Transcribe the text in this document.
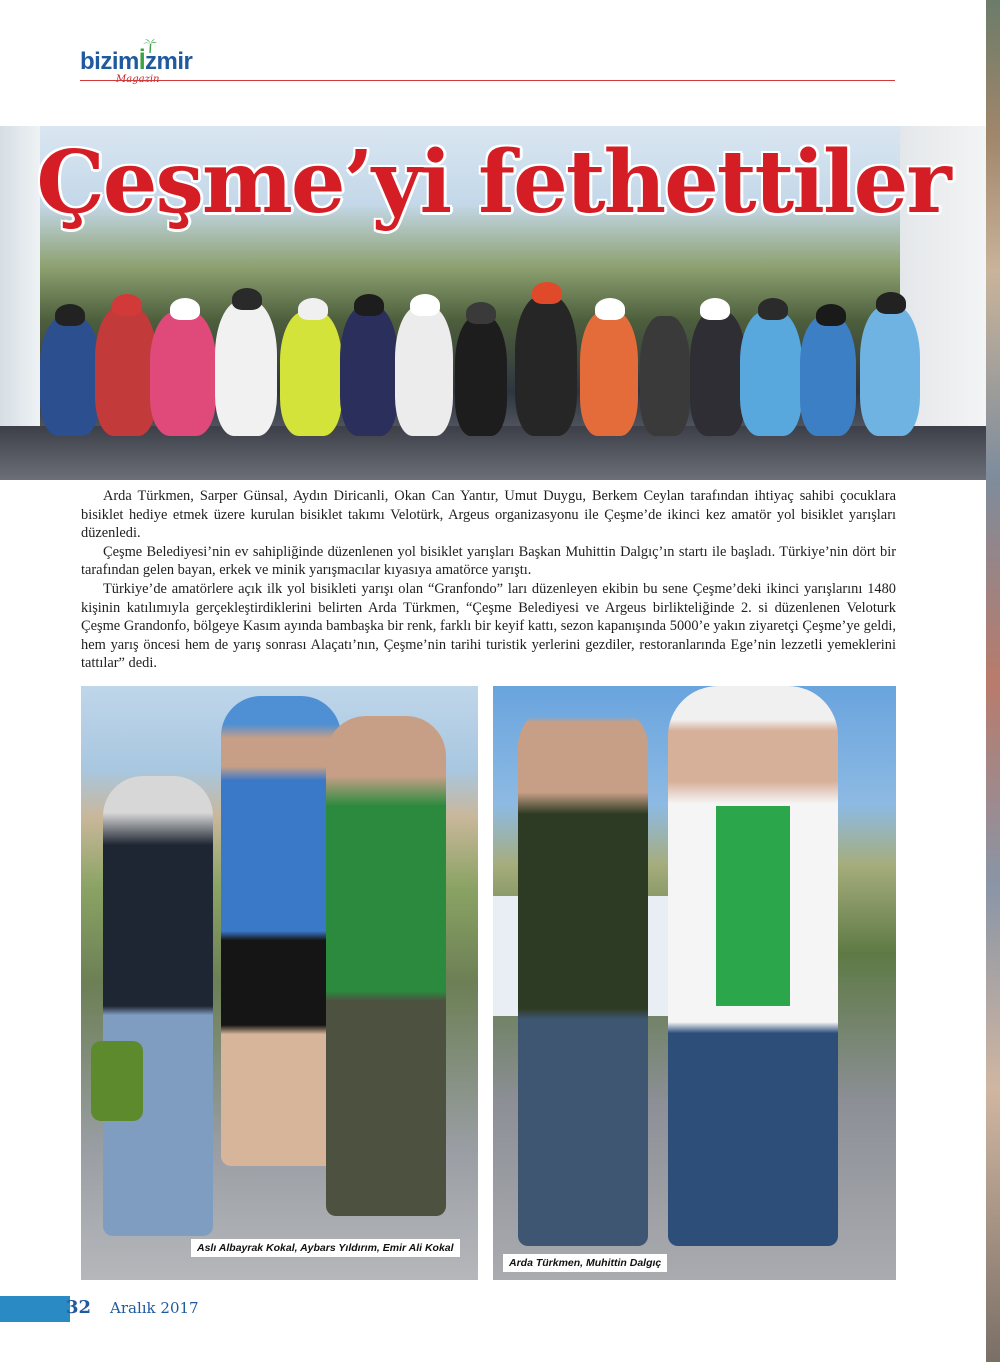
bizimİzmir
Çeşme’yi fethettiler

Arda Türkmen, Sarper Günsal, Aydın Diricanli, Okan Can Yantır, Umut Duygu, Berkem Ceylan tarafından ihtiyaç sahibi çocuklara bisiklet hediye etmek üzere kurulan bisiklet takımı Velotürk, Argeus organizasyonu ile Çeşme’de ikinci kez amatör yol bisiklet yarışları düzenledi.

Çeşme Belediyesi’nin ev sahipliğinde düzenlenen yol bisiklet yarışları Başkan Muhittin Dalgıç’ın startı ile başladı. Türkiye’nin dört bir tarafından gelen bayan, erkek ve minik yarışmacılar kıyasıya amatörce yarıştı.

Türkiye’de amatörlere açık ilk yol bisikleti yarışı olan “Granfondo” ları düzenleyen ekibin bu sene Çeşme’deki ikinci yarışlarını 1480 kişinin katılımıyla gerçekleştirdiklerini belirten Arda Türkmen, “Çeşme Belediyesi ve Argeus birlikteliğinde 2. si düzenlenen Veloturk Çeşme Grandonfo, bölgeye Kasım ayında bambaşka bir renk, farklı bir keyif kattı, sezon kapanışında 5000’e yakın ziyaretçi Çeşme’ye geldi, hem yarış öncesi hem de yarış sonrası Alaçatı’nın, Çeşme’nin tarihi turistik yerlerini gezdiler, restoranlarında Ege’nin lezzetli yemeklerini tattılar” dedi.

Aslı Albayrak Kokal, Aybars Yıldırım, Emir Ali Kokal
Arda Türkmen, Muhittin Dalgıç
32 Aralık 2017
